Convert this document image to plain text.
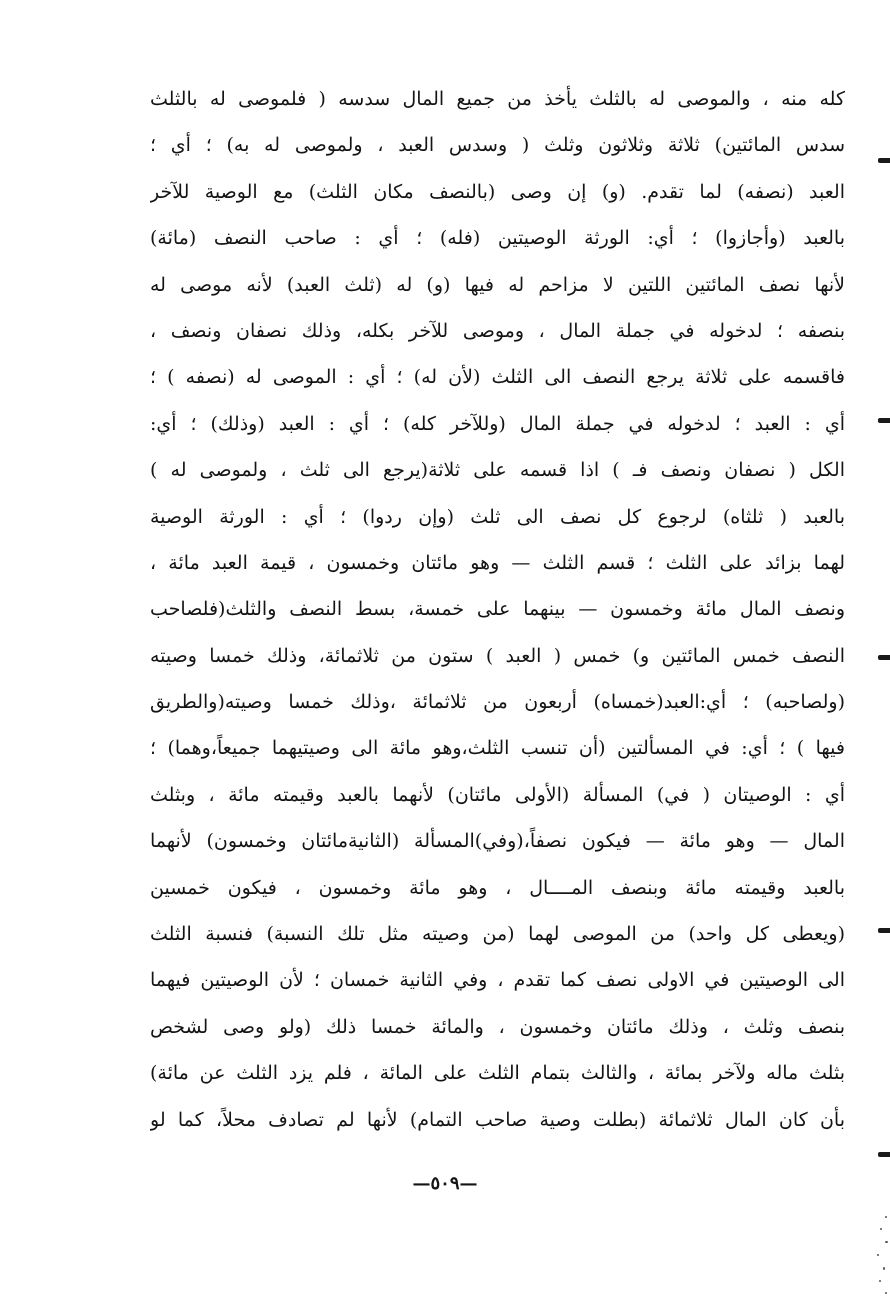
كله منه ، والموصى له بالثلث يأخذ من جميع المال سدسه ( فلموصى له بالثلث
سدس المائتين) ثلاثة وثلاثون وثلث ( وسدس العبد ، ولموصى له به) ؛ أي ؛
العبد (نصفه) لما تقدم. (و) إن وصى (بالنصف مكان الثلث) مع الوصية للآخر
بالعبد (وأجازوا) ؛ أي: الورثة الوصيتين (فله) ؛ أي : صاحب النصف (مائة)
لأنها نصف المائتين اللتين لا مزاحم له فيها (و) له (ثلث العبد) لأنه موصى له
بنصفه ؛ لدخوله في جملة المال ، وموصى للآخر بكله، وذلك نصفان ونصف ،
فاقسمه على ثلاثة يرجع النصف الى الثلث (لأن له) ؛ أي : الموصى له (نصفه ) ؛
أي : العبد ؛ لدخوله في جملة المال (وللآخر كله) ؛ أي : العبد (وذلك) ؛ أي:
الكل ( نصفان ونصف فـ ) اذا قسمه على ثلاثة(يرجع الى ثلث ، ولموصى له )
بالعبد ( ثلثاه) لرجوع كل نصف الى ثلث (وإن ردوا) ؛ أي : الورثة الوصية
لهما بزائد على الثلث ؛ قسم الثلث — وهو مائتان وخمسون ، قيمة العبد مائة ،
ونصف المال مائة وخمسون — بينهما على خمسة، بسط النصف والثلث(فلصاحب
النصف خمس المائتين و) خمس ( العبد ) ستون من ثلاثمائة، وذلك خمسا وصيته
(ولصاحبه) ؛ أي:العبد(خمساه) أربعون من ثلاثمائة ،وذلك خمسا وصيته(والطريق
فيها ) ؛ أي: في المسألتين (أن تنسب الثلث،وهو مائة الى وصيتيهما جميعاً،وهما) ؛
أي : الوصيتان ( في) المسألة (الأولى مائتان) لأنهما بالعبد وقيمته مائة ، وبثلث
المال — وهو مائة — فيكون نصفاً،(وفي)المسألة (الثانيةمائتان وخمسون) لأنهما
بالعبد وقيمته مائة وبنصف المــــال ، وهو مائة وخمسون ، فيكون خمسين
(ويعطى كل واحد) من الموصى لهما (من وصيته مثل تلك النسبة) فنسبة الثلث
الى الوصيتين في الاولى نصف كما تقدم ، وفي الثانية خمسان ؛ لأن الوصيتين فيهما
بنصف وثلث ، وذلك مائتان وخمسون ، والمائة خمسا ذلك (ولو وصى لشخص
بثلث ماله ولآخر بمائة ، والثالث بتمام الثلث على المائة ، فلم يزد الثلث عن مائة)
بأن كان المال ثلاثمائة (بطلت وصية صاحب التمام) لأنها لم تصادف محلاً، كما لو
—٥٠٩—
